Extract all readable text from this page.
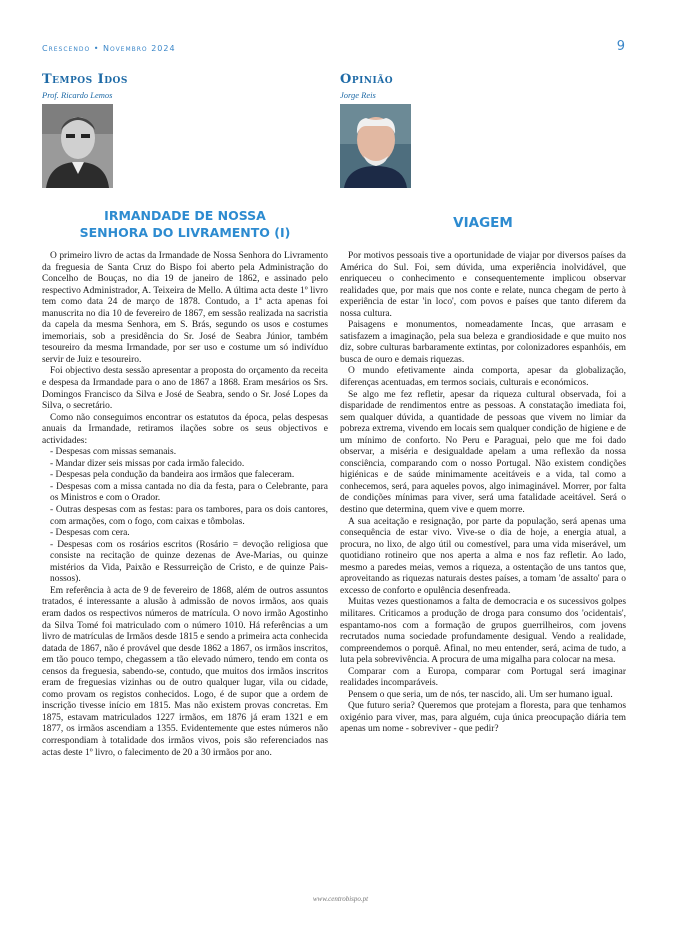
Crescendo • Novembro 2024	9
Tempos Idos
Prof. Ricardo Lemos
Opinião
Jorge Reis
IRMANDADE DE NOSSA
SENHORA DO LIVRAMENTO (I)
VIAGEM

O primeiro livro de actas da Irmandade de Nossa Senhora do Livramento da freguesia de Santa Cruz do Bispo foi aberto pela Administração do Concelho de Bouças, no dia 19 de janeiro de 1862, e assinado pelo respectivo Administrador, A. Teixeira de Mello. A última acta deste 1º livro tem como data 24 de março de 1878. Contudo, a 1ª acta apenas foi manuscrita no dia 10 de fevereiro de 1867, em sessão realizada na sacristia da capela da mesma Senhora, em S. Brás, segundo os usos e costumes imemoriais, sob a presidência do Sr. José de Seabra Júnior, também tesoureiro da mesma Irmandade, por ser uso e costume um só indivíduo servir de Juiz e tesoureiro.

Foi objectivo desta sessão apresentar a proposta do orçamento da receita e despesa da Irmandade para o ano de 1867 a 1868. Eram mesários os Srs. Domingos Francisco da Silva e José de Seabra, sendo o Sr. José Lopes da Silva, o secretário.

Como não conseguimos encontrar os estatutos da época, pelas despesas anuais da Irmandade, retiramos ilações sobre os seus objectivos e actividades:

- Despesas com missas semanais.

- Mandar dizer seis missas por cada irmão falecido.

- Despesas pela condução da bandeira aos irmãos que faleceram.

- Despesas com a missa cantada no dia da festa, para o Celebrante, para os Ministros e com o Orador.

- Outras despesas com as festas: para os tambores, para os dois cantores, com armações, com o fogo, com caixas e tômbolas.

- Despesas com cera.

- Despesas com os rosários escritos (Rosário = devoção religiosa que consiste na recitação de quinze dezenas de Ave-Marias, ou quinze mistérios da Vida, Paixão e Ressurreição de Cristo, e de quinze Pais-nossos).

Em referência à acta de 9 de fevereiro de 1868, além de outros assuntos tratados, é interessante a alusão à admissão de novos irmãos, aos quais eram dados os respectivos números de matrícula. O novo irmão Agostinho da Silva Tomé foi matriculado com o número 1010. Há referências a um livro de matrículas de Irmãos desde 1815 e sendo a primeira acta conhecida datada de 1867, não é provável que desde 1862 a 1867, os irmãos inscritos, em tão pouco tempo, chegassem a tão elevado número, tendo em conta os censos da freguesia, sabendo-se, contudo, que muitos dos irmãos inscritos eram de freguesias vizinhas ou de outro qualquer lugar, vila ou cidade, como provam os registos conhecidos. Logo, é de supor que a ordem de inscrição tivesse início em 1815. Mas não existem provas concretas. Em 1875, estavam matriculados 1227 irmãos, em 1876 já eram 1321 e em 1877, os irmãos ascendiam a 1355. Evidentemente que estes números não correspondiam à totalidade dos irmãos vivos, pois são referenciados nas actas deste 1º livro, o falecimento de 20 a 30 irmãos por ano.

Por motivos pessoais tive a oportunidade de viajar por diversos países da América do Sul. Foi, sem dúvida, uma experiência inolvidável, que enriqueceu o conhecimento e consequentemente implicou observar realidades que, por mais que nos conte e relate, nunca chegam de perto à experiência de estar 'in loco', com povos e países que tanto diferem da nossa cultura.

Paisagens e monumentos, nomeadamente Incas, que arrasam e satisfazem a imaginação, pela sua beleza e grandiosidade e que muito nos diz, sobre culturas barbaramente extintas, por colonizadores espanhóis, em busca de ouro e demais riquezas.

O mundo efetivamente ainda comporta, apesar da globalização, diferenças acentuadas, em termos sociais, culturais e económicos.

Se algo me fez refletir, apesar da riqueza cultural observada, foi a disparidade de rendimentos entre as pessoas. A constatação imediata foi, sem qualquer dúvida, a quantidade de pessoas que vivem no limiar da pobreza extrema, vivendo em locais sem qualquer condição de higiene e de um mínimo de conforto. No Peru e Paraguai, pelo que me foi dado observar, a miséria e desigualdade apelam a uma reflexão da nossa consciência, comparando com o nosso Portugal. Não existem condições higiénicas e de saúde minimamente aceitáveis e a vida, tal como a conhecemos, será, para aqueles povos, algo inimaginável. Morrer, por falta de condições mínimas para viver, será uma fatalidade aceitável. Será o destino que determina, quem vive e quem morre.

A sua aceitação e resignação, por parte da população, será apenas uma consequência de estar vivo. Vive-se o dia de hoje, a energia atual, a procura, no lixo, de algo útil ou comestível, para uma vida miserável, um quotidiano rotineiro que nos aperta a alma e nos faz refletir. Ao lado, mesmo a paredes meias, vemos a riqueza, a ostentação de uns tantos que, aproveitando as riquezas naturais destes países, a tomam 'de assalto' para o excesso de conforto e opulência desenfreada.

Muitas vezes questionamos a falta de democracia e os sucessivos golpes militares. Criticamos a produção de droga para consumo dos 'ocidentais', espantamo-nos com a formação de grupos guerrilheiros, com jovens recrutados numa sociedade profundamente desigual. Vendo a realidade, compreendemos o porquê. Afinal, no meu entender, será, acima de tudo, a luta pela sobrevivência. A procura de uma migalha para colocar na mesa.

Comparar com a Europa, comparar com Portugal será imaginar realidades incomparáveis.

Pensem o que seria, um de nós, ter nascido, ali. Um ser humano igual.

Que futuro seria? Queremos que protejam a floresta, para que tenhamos oxigénio para viver, mas, para alguém, cuja única preocupação diária tem apenas um nome - sobreviver - que pedir?

www.centrobispo.pt
